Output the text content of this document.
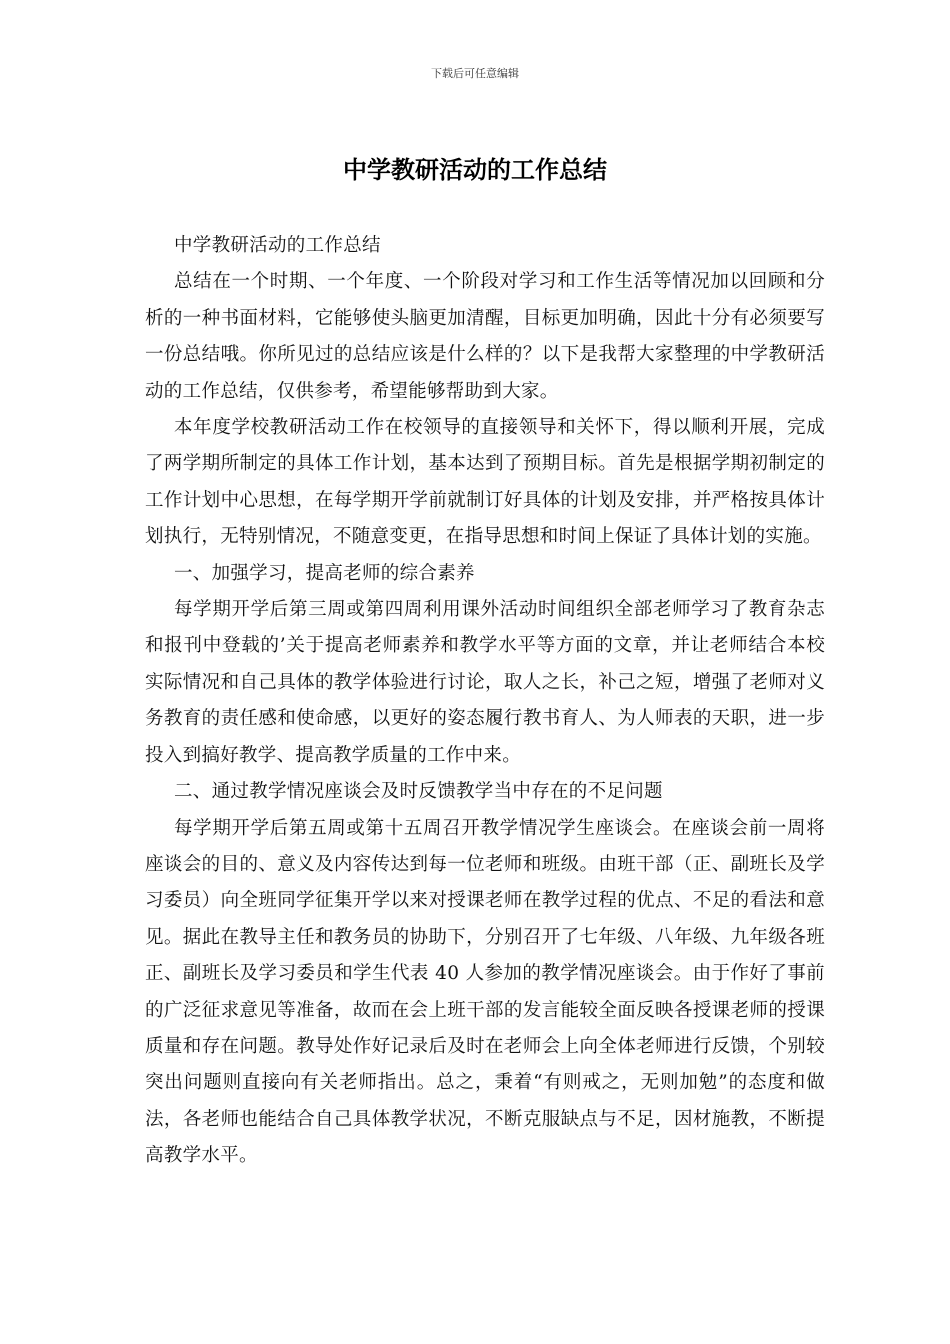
下载后可任意编辑
中学教研活动的工作总结

中学教研活动的工作总结

总结在一个时期、一个年度、一个阶段对学习和工作生活等情况加以回顾和分析的一种书面材料，它能够使头脑更加清醒，目标更加明确，因此十分有必须要写一份总结哦。你所见过的总结应该是什么样的？以下是我帮大家整理的中学教研活动的工作总结，仅供参考，希望能够帮助到大家。

本年度学校教研活动工作在校领导的直接领导和关怀下，得以顺利开展，完成了两学期所制定的具体工作计划，基本达到了预期目标。首先是根据学期初制定的工作计划中心思想，在每学期开学前就制订好具体的计划及安排，并严格按具体计划执行，无特别情况，不随意变更，在指导思想和时间上保证了具体计划的实施。

一、加强学习，提高老师的综合素养

每学期开学后第三周或第四周利用课外活动时间组织全部老师学习了教育杂志和报刊中登载的’关于提高老师素养和教学水平等方面的文章，并让老师结合本校实际情况和自己具体的教学体验进行讨论，取人之长，补己之短，增强了老师对义务教育的责任感和使命感，以更好的姿态履行教书育人、为人师表的天职，进一步投入到搞好教学、提高教学质量的工作中来。

二、通过教学情况座谈会及时反馈教学当中存在的不足问题

每学期开学后第五周或第十五周召开教学情况学生座谈会。在座谈会前一周将座谈会的目的、意义及内容传达到每一位老师和班级。由班干部（正、副班长及学习委员）向全班同学征集开学以来对授课老师在教学过程的优点、不足的看法和意见。据此在教导主任和教务员的协助下，分别召开了七年级、八年级、九年级各班正、副班长及学习委员和学生代表 40 人参加的教学情况座谈会。由于作好了事前的广泛征求意见等准备，故而在会上班干部的发言能较全面反映各授课老师的授课质量和存在问题。教导处作好记录后及时在老师会上向全体老师进行反馈，个别较突出问题则直接向有关老师指出。总之，秉着“有则戒之，无则加勉”的态度和做法，各老师也能结合自己具体教学状况，不断克服缺点与不足，因材施教，不断提高教学水平。
